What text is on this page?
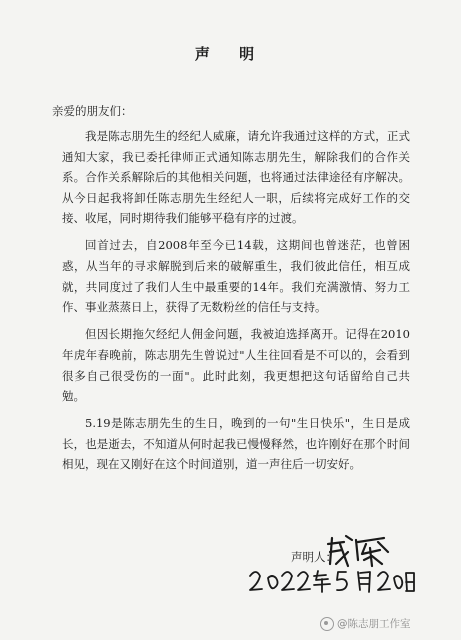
声 明
亲爱的朋友们：

我是陈志朋先生的经纪人威廉，请允许我通过这样的方式，正式通知大家，我已委托律师正式通知陈志朋先生，解除我们的合作关系。合作关系解除后的其他相关问题，也将通过法律途径有序解决。从今日起我将卸任陈志朋先生经纪人一职，后续将完成好工作的交接、收尾，同时期待我们能够平稳有序的过渡。

回首过去，自2008年至今已14载，这期间也曾迷茫，也曾困惑，从当年的寻求解脱到后来的破解重生，我们彼此信任，相互成就，共同度过了我们人生中最重要的14年。我们充满激情、努力工作、事业蒸蒸日上，获得了无数粉丝的信任与支持。

但因长期拖欠经纪人佣金问题，我被迫选择离开。记得在2010年虎年春晚前，陈志朋先生曾说过"人生往回看是不可以的，会看到很多自己很受伤的一面"。此时此刻，我更想把这句话留给自己共勉。

5.19是陈志朋先生的生日，晚到的一句"生日快乐"，生日是成长，也是逝去，不知道从何时起我已慢慢释然，也许刚好在那个时间相见，现在又刚好在这个时间道别，道一声往后一切安好。

声明人：
@陈志朋工作室
